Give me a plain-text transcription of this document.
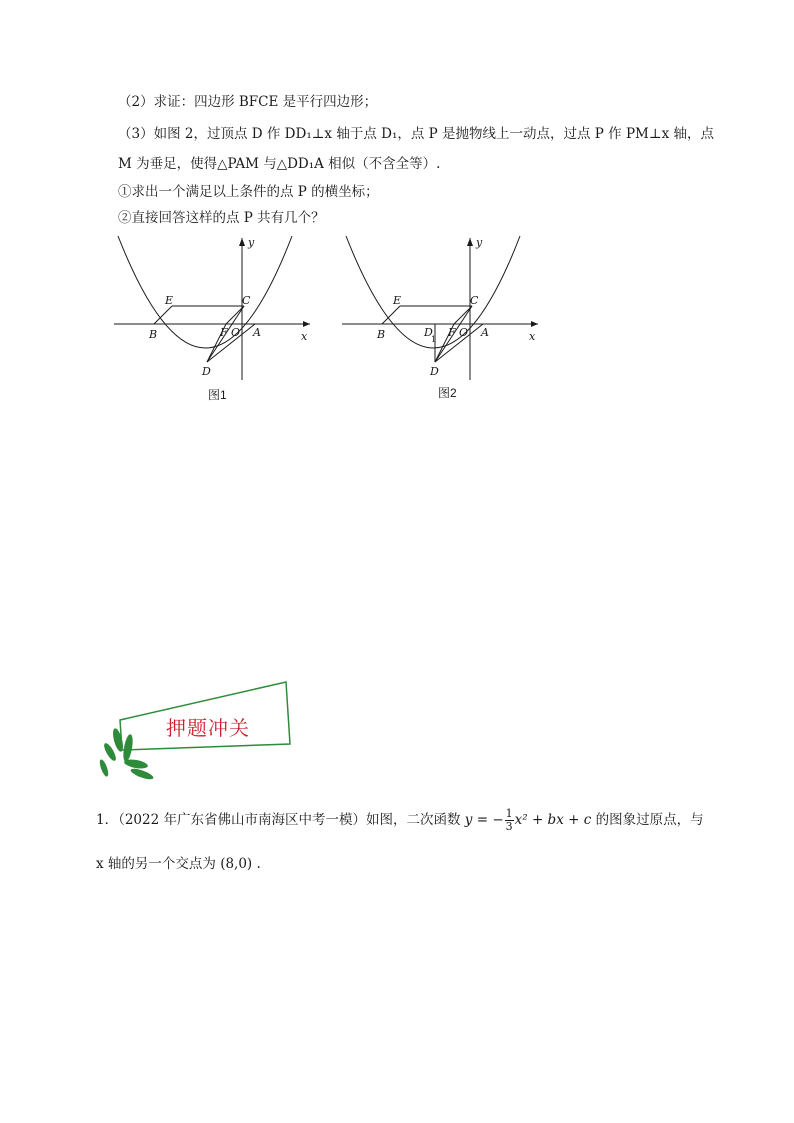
（2）求证：四边形 BFCE 是平行四边形；
（3）如图 2，过顶点 D 作 DD₁⊥x 轴于点 D₁，点 P 是抛物线上一动点，过点 P 作 PM⊥x 轴，点
M 为垂足，使得△PAM 与△DD₁A 相似（不含全等）.
①求出一个满足以上条件的点 P 的横坐标；
②直接回答这样的点 P 共有几个？
y
x
E	C
B	F O A
D
图1
y
x
E	C
B	D
1
F O A
D
图2
押题冲关
1．（2022 年广东省佛山市南海区中考一模）如图，二次函数 y = − $\frac{1}{3} x^2$ + bx + c 的图象过原点，与
x 轴的另一个交点为 (8,0) .
